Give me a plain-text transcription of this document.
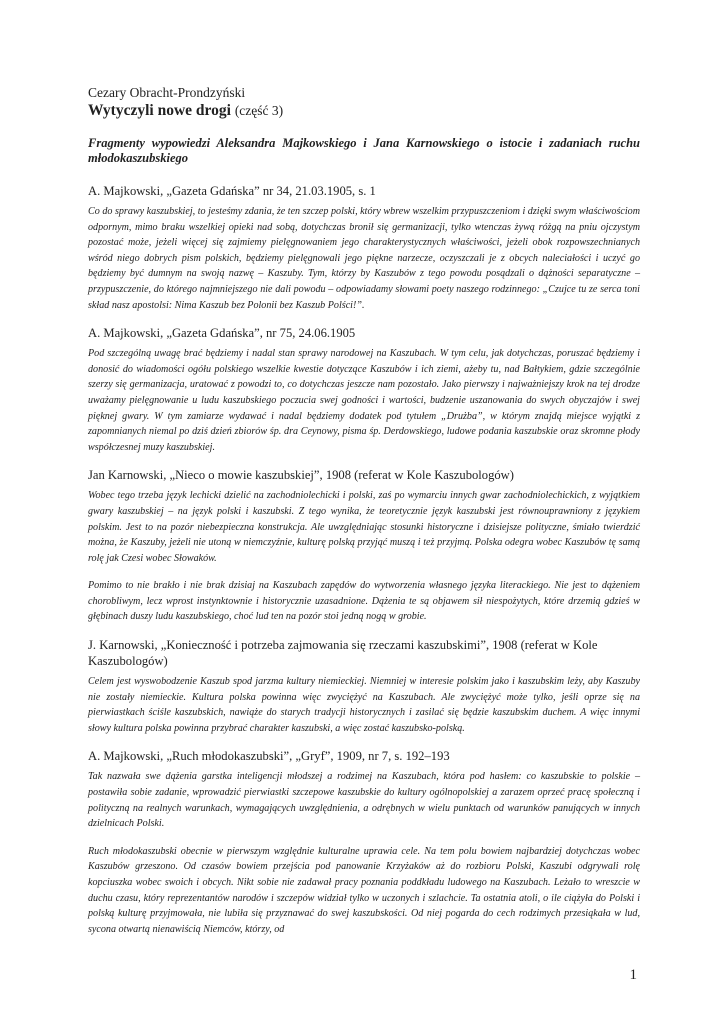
Cezary Obracht-Prondzyński

Wytyczyli nowe drogi (część 3)

Fragmenty wypowiedzi Aleksandra Majkowskiego i Jana Karnowskiego o istocie i zadaniach ruchu młodokaszubskiego

A. Majkowski, „Gazeta Gdańska” nr 34, 21.03.1905, s. 1

Co do sprawy kaszubskiej, to jesteśmy zdania, że ten szczep polski, który wbrew wszelkim przypuszczeniom i dzięki swym właściwościom odpornym, mimo braku wszelkiej opieki nad sobą, dotychczas bronił się germanizacji, tylko wtenczas żywą różgą na pniu ojczystym pozostać może, jeżeli więcej się zajmiemy pielęgnowaniem jego charakterystycznych właściwości, jeżeli obok rozpowszechnianych wśród niego dobrych pism polskich, będziemy pielęgnowali jego piękne narzecze, oczyszczali je z obcych naleciałości i uczyć go będziemy być dumnym na swoją nazwę – Kaszuby. Tym, którzy by Kaszubów z tego powodu posądzali o dążności separatyczne – przypuszczenie, do którego najmniejszego nie dali powodu – odpowiadamy słowami poety naszego rodzinnego: „Czujce tu ze serca toni skład nasz apostolsi: Nima Kaszub bez Polonii bez Kaszub Polści!”.

A. Majkowski, „Gazeta Gdańska”, nr 75, 24.06.1905

Pod szczególną uwagę brać będziemy i nadal stan sprawy narodowej na Kaszubach. W tym celu, jak dotychczas, poruszać będziemy i donosić do wiadomości ogółu polskiego wszelkie kwestie dotyczące Kaszubów i ich ziemi, ażeby tu, nad Bałtykiem, gdzie szczególnie szerzy się germanizacja, uratować z powodzi to, co dotychczas jeszcze nam pozostało. Jako pierwszy i najważniejszy krok na tej drodze uważamy pielęgnowanie u ludu kaszubskiego poczucia swej godności i wartości, budzenie uszanowania do swych obyczajów i swej pięknej gwary. W tym zamiarze wydawać i nadal będziemy dodatek pod tytułem „Drużba”, w którym znajdą miejsce wyjątki z zapomnianych niemal po dziś dzień zbiorów śp. dra Ceynowy, pisma śp. Derdowskiego, ludowe podania kaszubskie oraz skromne płody współczesnej muzy kaszubskiej.

Jan Karnowski, „Nieco o mowie kaszubskiej”, 1908 (referat w Kole Kaszubologów)

Wobec tego trzeba język lechicki dzielić na zachodniolechicki i polski, zaś po wymarciu innych gwar zachodniolechickich, z wyjątkiem gwary kaszubskiej – na język polski i kaszubski. Z tego wynika, że teoretycznie język kaszubski jest równouprawniony z językiem polskim. Jest to na pozór niebezpieczna konstrukcja. Ale uwzględniając stosunki historyczne i dzisiejsze polityczne, śmiało twierdzić można, że Kaszuby, jeżeli nie utoną w niemczyźnie, kulturę polską przyjąć muszą i też przyjmą. Polska odegra wobec Kaszubów tę samą rolę jak Czesi wobec Słowaków.

Pomimo to nie brakło i nie brak dzisiaj na Kaszubach zapędów do wytworzenia własnego języka literackiego. Nie jest to dążeniem chorobliwym, lecz wprost instynktownie i historycznie uzasadnione. Dążenia te są objawem sił niespożytych, które drzemią gdzieś w głębinach duszy ludu kaszubskiego, choć lud ten na pozór stoi jedną nogą w grobie.

J. Karnowski, „Konieczność i potrzeba zajmowania się rzeczami kaszubskimi”, 1908 (referat w Kole Kaszubologów)

Celem jest wyswobodzenie Kaszub spod jarzma kultury niemieckiej. Niemniej w interesie polskim jako i kaszubskim leży, aby Kaszuby nie zostały niemieckie. Kultura polska powinna więc zwyciężyć na Kaszubach. Ale zwyciężyć może tylko, jeśli oprze się na pierwiastkach ściśle kaszubskich, nawiąże do starych tradycji historycznych i zasilać się będzie kaszubskim duchem. A więc innymi słowy kultura polska powinna przybrać charakter kaszubski, a więc zostać kaszubsko-polską.

A. Majkowski, „Ruch młodokaszubski”, „Gryf”, 1909, nr 7, s. 192–193

Tak nazwała swe dążenia garstka inteligencji młodszej a rodzimej na Kaszubach, która pod hasłem: co kaszubskie to polskie – postawiła sobie zadanie, wprowadzić pierwiastki szczepowe kaszubskie do kultury ogólnopolskiej a zarazem oprzeć pracę społeczną i polityczną na realnych warunkach, wymagających uwzględnienia, a odrębnych w wielu punktach od warunków panujących w innych dzielnicach Polski.

Ruch młodokaszubski obecnie w pierwszym względnie kulturalne uprawia cele. Na tem polu bowiem najbardziej dotychczas wobec Kaszubów grzeszono. Od czasów bowiem przejścia pod panowanie Krzyżaków aż do rozbioru Polski, Kaszubi odgrywali rolę kopciuszka wobec swoich i obcych. Nikt sobie nie zadawał pracy poznania poddkładu ludowego na Kaszubach. Leżało to wreszcie w duchu czasu, który reprezentantów narodów i szczepów widział tylko w uczonych i szlachcie. Ta ostatnia atoli, o ile ciążyła do Polski i polską kulturę przyjmowała, nie lubiła się przyznawać do swej kaszubskości. Od niej pogarda do cech rodzimych przesiąkała w lud, sycona otwartą nienawiścią Niemców, którzy, od

1
